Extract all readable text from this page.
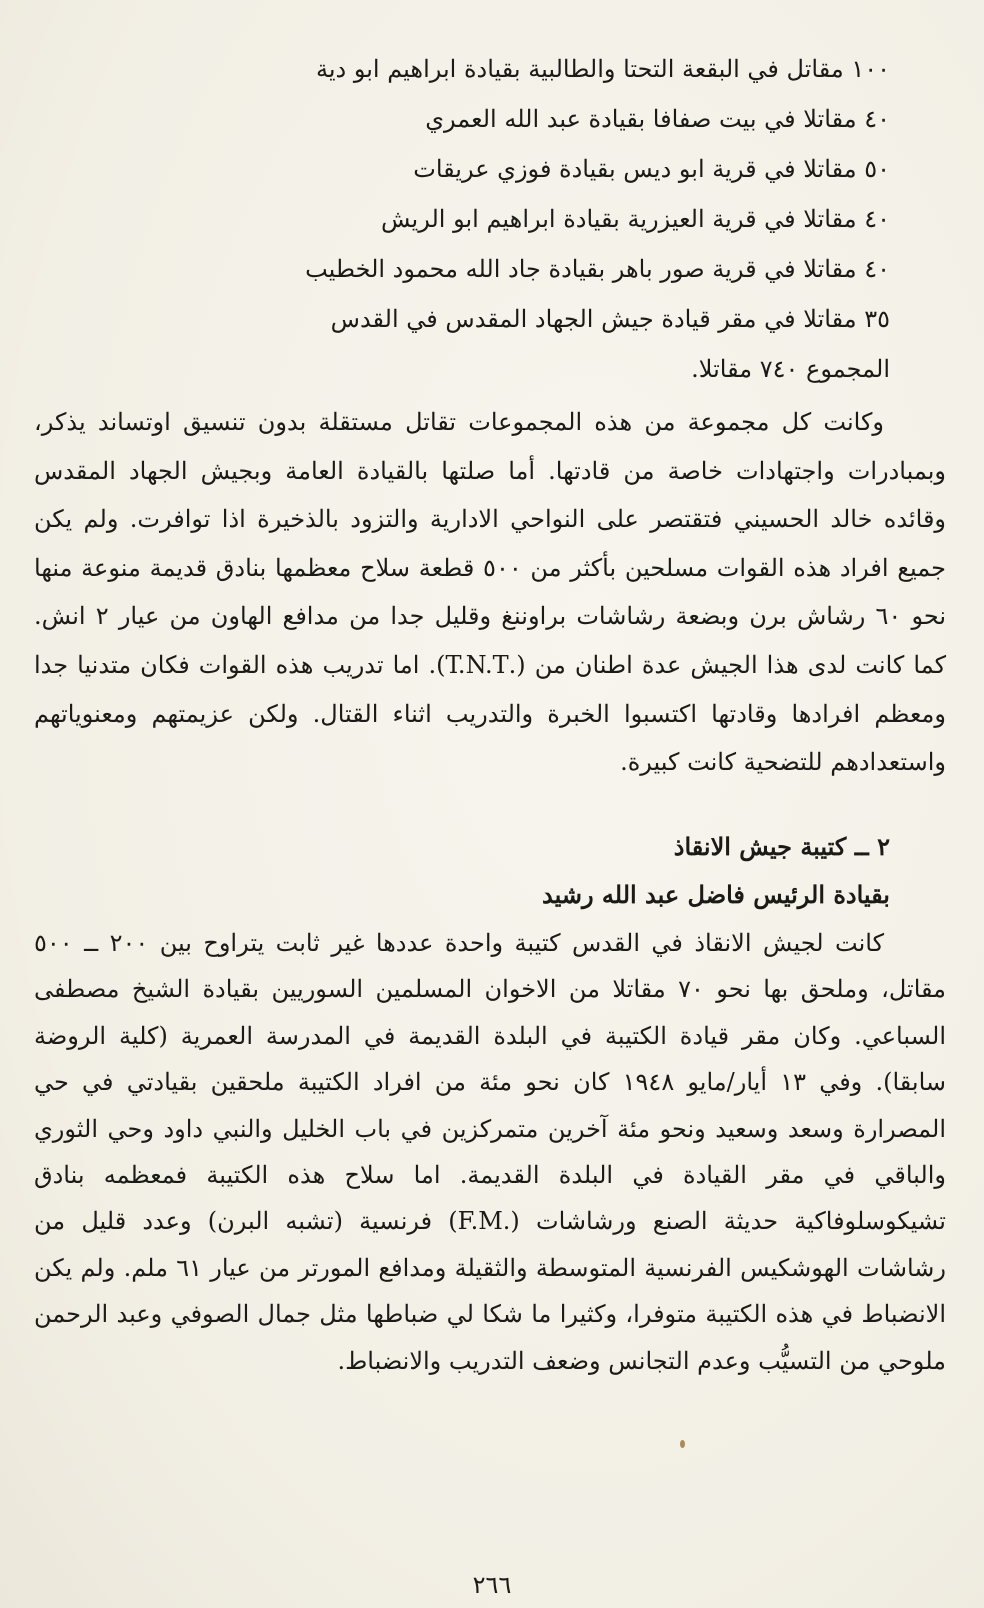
١٠٠ مقاتل في البقعة التحتا والطالبية بقيادة ابراهيم ابو دية
٤٠ مقاتلا في بيت صفافا بقيادة عبد الله العمري
٥٠ مقاتلا في قرية ابو ديس بقيادة فوزي عريقات
٤٠ مقاتلا في قرية العيزرية بقيادة ابراهيم ابو الريش
٤٠ مقاتلا في قرية صور باهر بقيادة جاد الله محمود الخطيب
٣٥ مقاتلا في مقر قيادة جيش الجهاد المقدس في القدس
المجموع ٧٤٠ مقاتلا.
وكانت كل مجموعة من هذه المجموعات تقاتل مستقلة بدون تنسيق اوتساند يذكر، وبمبادرات واجتهادات خاصة من قادتها. أما صلتها بالقيادة العامة وبجيش الجهاد المقدس وقائده خالد الحسيني فتقتصر على النواحي الادارية والتزود بالذخيرة اذا توافرت. ولم يكن جميع افراد هذه القوات مسلحين بأكثر من ٥٠٠ قطعة سلاح معظمها بنادق قديمة منوعة منها نحو ٦٠ رشاش برن وبضعة رشاشات براوننغ وقليل جدا من مدافع الهاون من عيار ٢ انش. كما كانت لدى هذا الجيش عدة اطنان من (.T.N.T). اما تدريب هذه القوات فكان متدنيا جدا ومعظم افرادها وقادتها اكتسبوا الخبرة والتدريب اثناء القتال. ولكن عزيمتهم ومعنوياتهم واستعدادهم للتضحية كانت كبيرة.
٢ ــ كتيبة جيش الانقاذ
بقيادة الرئيس فاضل عبد الله رشيد
كانت لجيش الانقاذ في القدس كتيبة واحدة عددها غير ثابت يتراوح بين ٢٠٠ ــ ٥٠٠ مقاتل، وملحق بها نحو ٧٠ مقاتلا من الاخوان المسلمين السوريين بقيادة الشيخ مصطفى السباعي. وكان مقر قيادة الكتيبة في البلدة القديمة في المدرسة العمرية (كلية الروضة سابقا). وفي ١٣ أيار/مايو ١٩٤٨ كان نحو مئة من افراد الكتيبة ملحقين بقيادتي في حي المصرارة وسعد وسعيد ونحو مئة آخرين متمركزين في باب الخليل والنبي داود وحي الثوري والباقي في مقر القيادة في البلدة القديمة. اما سلاح هذه الكتيبة فمعظمه بنادق تشيكوسلوفاكية حديثة الصنع ورشاشات (.F.M) فرنسية (تشبه البرن) وعدد قليل من رشاشات الهوشكيس الفرنسية المتوسطة والثقيلة ومدافع المورتر من عيار ٦١ ملم. ولم يكن الانضباط في هذه الكتيبة متوفرا، وكثيرا ما شكا لي ضباطها مثل جمال الصوفي وعبد الرحمن ملوحي من التسيُّب وعدم التجانس وضعف التدريب والانضباط.
٢٦٦
